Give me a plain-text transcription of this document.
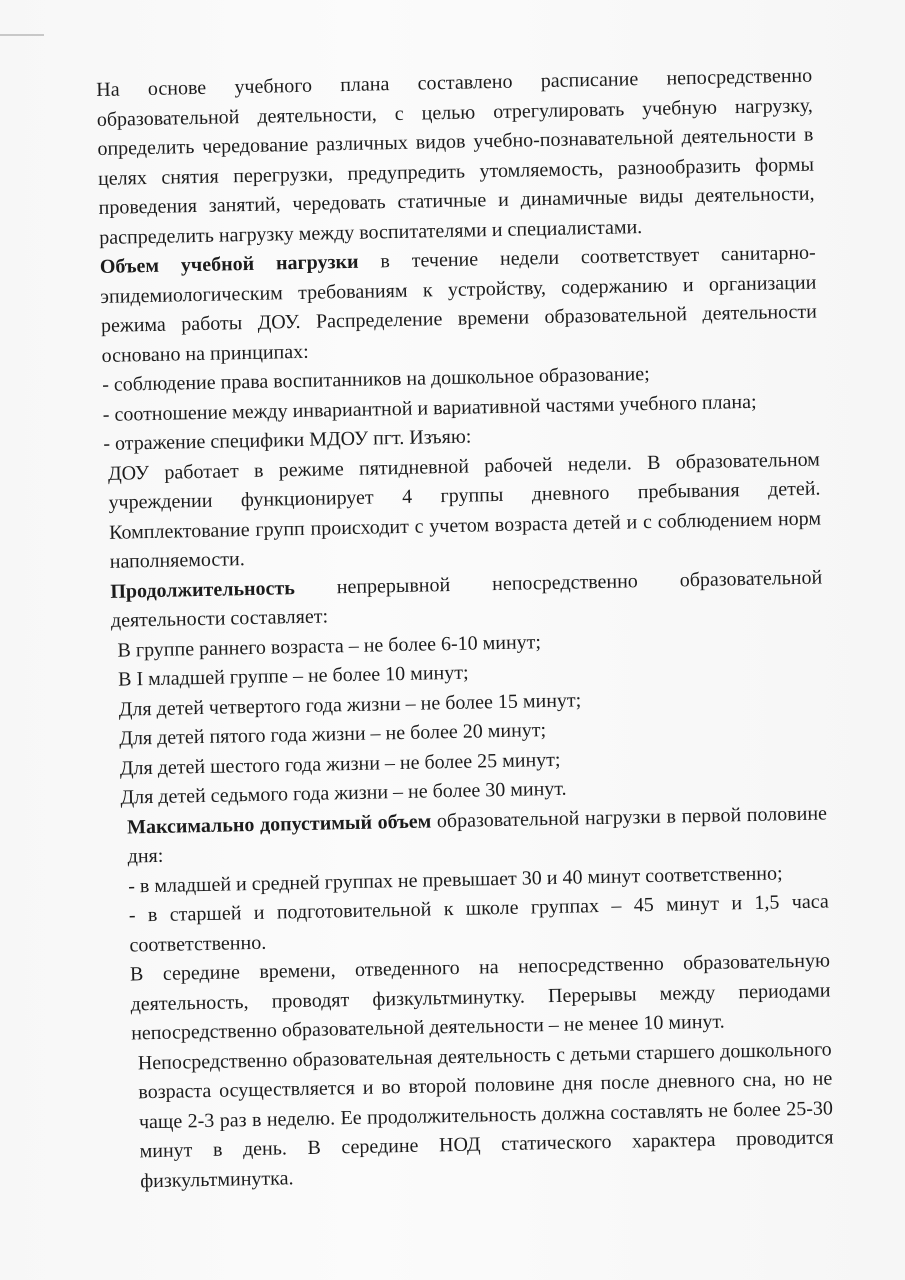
На основе учебного плана составлено расписание непосредственно образовательной деятельности, с целью отрегулировать учебную нагрузку, определить чередование различных видов учебно-познавательной деятельности в целях снятия перегрузки, предупредить утомляемость, разнообразить формы проведения занятий, чередовать статичные и динамичные виды деятельности, распределить нагрузку между воспитателями и специалистами.

Объем учебной нагрузки в течение недели соответствует санитарно-эпидемиологическим требованиям к устройству, содержанию и организации режима работы ДОУ. Распределение времени образовательной деятельности основано на принципах:

- соблюдение права воспитанников на дошкольное образование;

- соотношение между инвариантной и вариативной частями учебного плана;

- отражение специфики МДОУ пгт. Изъяю:

ДОУ работает в режиме пятидневной рабочей недели. В образовательном учреждении функционирует 4 группы дневного пребывания детей. Комплектование групп происходит с учетом возраста детей и с соблюдением норм наполняемости.

Продолжительность непрерывной непосредственно образовательной деятельности составляет:

В группе раннего возраста – не более 6-10 минут;

В I младшей группе – не более 10 минут;

Для детей четвертого года жизни – не более 15 минут;

Для детей пятого года жизни – не более 20 минут;

Для детей шестого года жизни – не более 25 минут;

Для детей седьмого года жизни – не более 30 минут.

Максимально допустимый объем образовательной нагрузки в первой половине дня:

- в младшей и средней группах не превышает 30 и 40 минут соответственно;

- в старшей и подготовительной к школе группах – 45 минут и 1,5 часа соответственно.

В середине времени, отведенного на непосредственно образовательную деятельность, проводят физкультминутку. Перерывы между периодами непосредственно образовательной деятельности – не менее 10 минут.

Непосредственно образовательная деятельность с детьми старшего дошкольного возраста осуществляется и во второй половине дня после дневного сна, но не чаще 2-3 раз в неделю. Ее продолжительность должна составлять не более 25-30 минут в день. В середине НОД статического характера проводится физкультминутка.
